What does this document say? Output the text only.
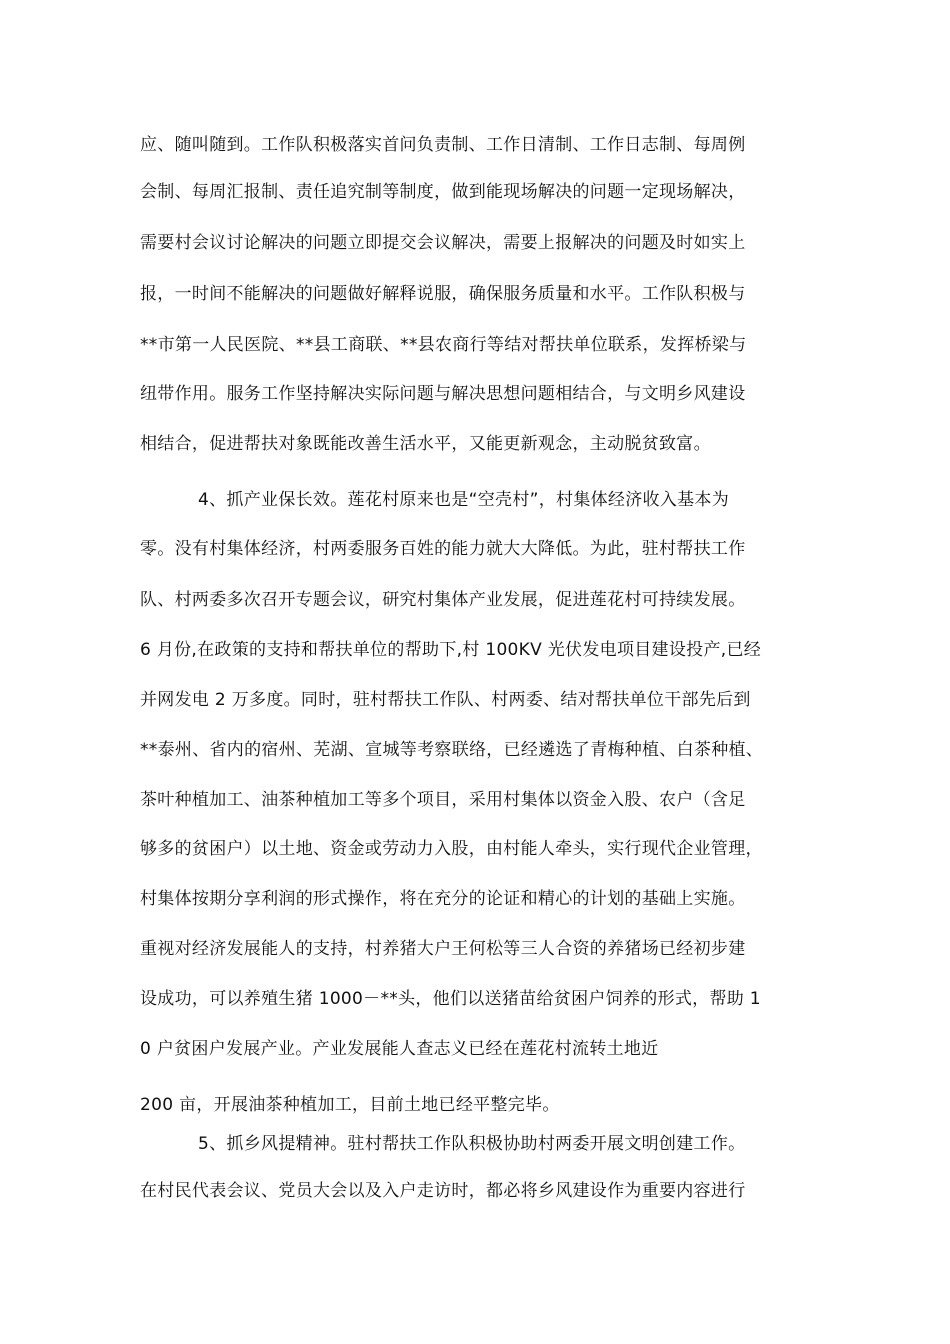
应、随叫随到。工作队积极落实首问负责制、工作日清制、工作日志制、每周例
会制、每周汇报制、责任追究制等制度，做到能现场解决的问题一定现场解决，
需要村会议讨论解决的问题立即提交会议解决，需要上报解决的问题及时如实上
报，一时间不能解决的问题做好解释说服，确保服务质量和水平。工作队积极与
**市第一人民医院、**县工商联、**县农商行等结对帮扶单位联系，发挥桥梁与
纽带作用。服务工作坚持解决实际问题与解决思想问题相结合，与文明乡风建设
相结合，促进帮扶对象既能改善生活水平，又能更新观念，主动脱贫致富。
4、抓产业保长效。莲花村原来也是“空壳村”，村集体经济收入基本为
零。没有村集体经济，村两委服务百姓的能力就大大降低。为此，驻村帮扶工作
队、村两委多次召开专题会议，研究村集体产业发展，促进莲花村可持续发展。
6 月份,在政策的支持和帮扶单位的帮助下,村 100KV 光伏发电项目建设投产,已经
并网发电 2 万多度。同时，驻村帮扶工作队、村两委、结对帮扶单位干部先后到
**泰州、省内的宿州、芜湖、宣城等考察联络，已经遴选了青梅种植、白茶种植、
茶叶种植加工、油茶种植加工等多个项目，采用村集体以资金入股、农户（含足
够多的贫困户）以土地、资金或劳动力入股，由村能人牵头，实行现代企业管理，
村集体按期分享利润的形式操作，将在充分的论证和精心的计划的基础上实施。
重视对经济发展能人的支持，村养猪大户王何松等三人合资的养猪场已经初步建
设成功，可以养殖生猪 1000－**头，他们以送猪苗给贫困户饲养的形式，帮助 1
0 户贫困户发展产业。产业发展能人查志义已经在莲花村流转土地近
200 亩，开展油茶种植加工，目前土地已经平整完毕。
5、抓乡风提精神。驻村帮扶工作队积极协助村两委开展文明创建工作。
在村民代表会议、党员大会以及入户走访时，都必将乡风建设作为重要内容进行
